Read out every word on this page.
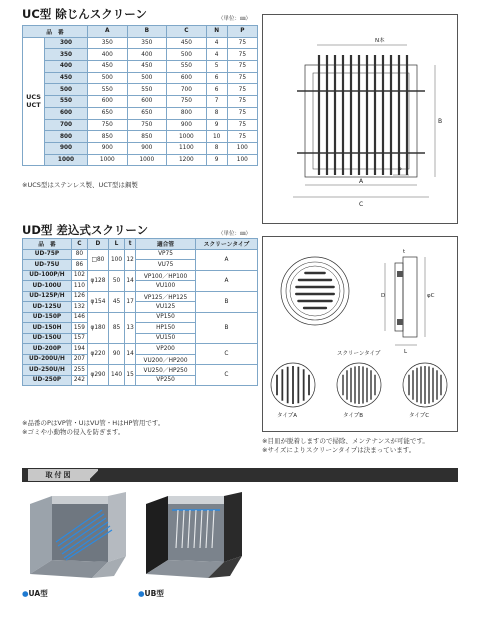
UC型 除じんスクリーン	（単位：㎜）
品　番		A	B	C	N	P

UCS
UCT	300	350	350	450	4	75
	350	400	400	500	4	75
	400	450	450	550	5	75
	450	500	500	600	6	75
	500	550	550	700	6	75
	550	600	600	750	7	75
	600	650	650	800	8	75
	700	750	750	900	9	75
	800	850	850	1000	10	75
	900	900	900	1100	8	100
	1000	1000	1000	1200	9	100
※UCS型はステンレス製、UCT型は鋼製
N本
A
C
B
P
UD型 差込式スクリーン	（単位：㎜）
品　番	C	D	L	t	適合管	スクリーンタイプ
UD-75P	80	□80	100	12	VP75	A
UD-75U	86				VU75	
UD-100P/H	102	φ128	50	14	VP100／HP100	A
UD-100U	110				VU100	
UD-125P/H	126	φ154	45	17	VP125／HP125	B
UD-125U	132				VU125	
UD-150P	146	φ180	85	13	VP150	B
UD-150H	159				HP150	
UD-150U	157				VU150	
UD-200P	194	φ220	90	14	VP200	C
UD-200U/H	207				VU200／HP200	
UD-250U/H	255	φ290	140	15	VU250／HP250	C
UD-250P	242				VP250	
※品番のPはVP管・UはVU管・HはHP管用です。
※ゴミや小動物の侵入を防ぎます。
D	φC
t
L
スクリーンタイプ
タイプA	タイプB	タイプC
※目皿が脱着しますので掃除、メンテナンスが可能です。
※サイズによりスクリーンタイプは決まっています。
取付図
●UA型	●UB型
